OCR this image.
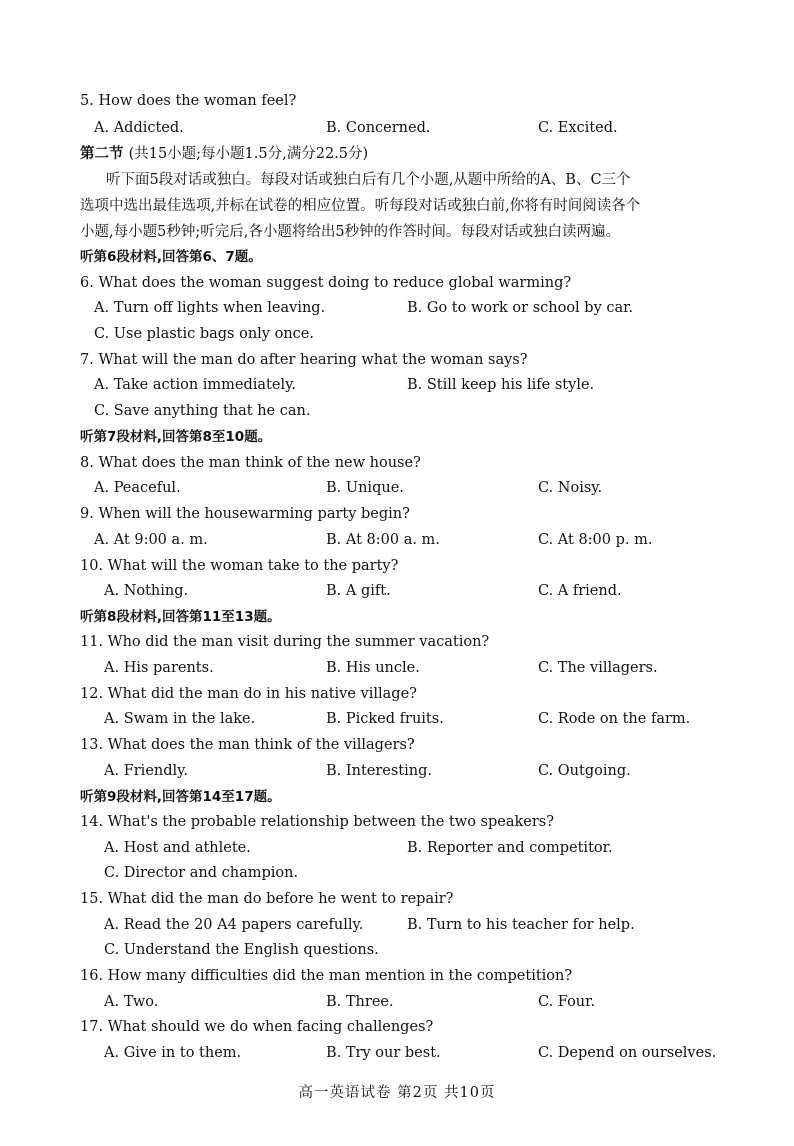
5. How does the woman feel?
A. Addicted.	B. Concerned.	C. Excited.
第二节 (共15小题;每小题1.5分,满分22.5分)
听下面5段对话或独白。每段对话或独白后有几个小题,从题中所给的A、B、C三个
选项中选出最佳选项,并标在试卷的相应位置。听每段对话或独白前,你将有时间阅读各个
小题,每小题5秒钟;听完后,各小题将给出5秒钟的作答时间。每段对话或独白读两遍。
听第6段材料,回答第6、7题。
6. What does the woman suggest doing to reduce global warming?
A. Turn off lights when leaving.	B. Go to work or school by car.
C. Use plastic bags only once.
7. What will the man do after hearing what the woman says?
A. Take action immediately.	B. Still keep his life style.
C. Save anything that he can.
听第7段材料,回答第8至10题。
8. What does the man think of the new house?
A. Peaceful.	B. Unique.	C. Noisy.
9. When will the housewarming party begin?
A. At 9:00 a. m.	B. At 8:00 a. m.	C. At 8:00 p. m.
10. What will the woman take to the party?
A. Nothing.	B. A gift.	C. A friend.
听第8段材料,回答第11至13题。
11. Who did the man visit during the summer vacation?
A. His parents.	B. His uncle.	C. The villagers.
12. What did the man do in his native village?
A. Swam in the lake.	B. Picked fruits.	C. Rode on the farm.
13. What does the man think of the villagers?
A. Friendly.	B. Interesting.	C. Outgoing.
听第9段材料,回答第14至17题。
14. What's the probable relationship between the two speakers?
A. Host and athlete.	B. Reporter and competitor.
C. Director and champion.
15. What did the man do before he went to repair?
A. Read the 20 A4 papers carefully.	B. Turn to his teacher for help.
C. Understand the English questions.
16. How many difficulties did the man mention in the competition?
A. Two.	B. Three.	C. Four.
17. What should we do when facing challenges?
A. Give in to them.	B. Try our best.	C. Depend on ourselves.
高一英语试卷 第2页 共10页
